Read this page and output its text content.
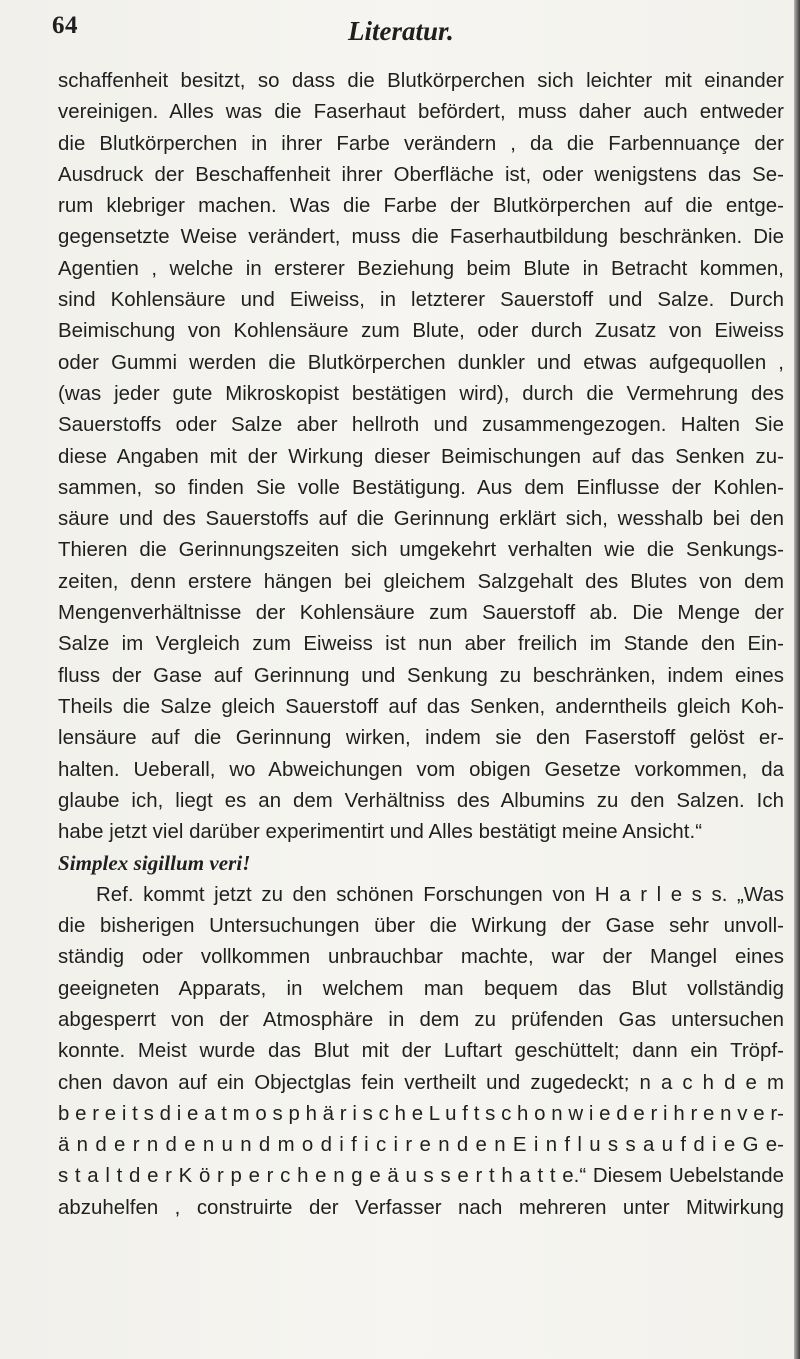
64	Literatur.
schaffenheit besitzt, so dass die Blutkörperchen sich leichter mit einander
vereinigen. Alles was die Faserhaut befördert, muss daher auch entweder
die Blutkörperchen in ihrer Farbe verändern , da die Farbennuançe der
Ausdruck der Beschaffenheit ihrer Oberfläche ist, oder wenigstens das Se-
rum klebriger machen. Was die Farbe der Blutkörperchen auf die entge-
gegensetzte Weise verändert, muss die Faserhautbildung beschränken. Die
Agentien , welche in ersterer Beziehung beim Blute in Betracht kommen,
sind Kohlensäure und Eiweiss, in letzterer Sauerstoff und Salze. Durch
Beimischung von Kohlensäure zum Blute, oder durch Zusatz von Eiweiss
oder Gummi werden die Blutkörperchen dunkler und etwas aufgequollen ,
(was jeder gute Mikroskopist bestätigen wird), durch die Vermehrung des
Sauerstoffs oder Salze aber hellroth und zusammengezogen. Halten Sie
diese Angaben mit der Wirkung dieser Beimischungen auf das Senken zu-
sammen, so finden Sie volle Bestätigung. Aus dem Einflusse der Kohlen-
säure und des Sauerstoffs auf die Gerinnung erklärt sich, wesshalb bei den
Thieren die Gerinnungszeiten sich umgekehrt verhalten wie die Senkungs-
zeiten, denn erstere hängen bei gleichem Salzgehalt des Blutes von dem
Mengenverhältnisse der Kohlensäure zum Sauerstoff ab. Die Menge der
Salze im Vergleich zum Eiweiss ist nun aber freilich im Stande den Ein-
fluss der Gase auf Gerinnung und Senkung zu beschränken, indem eines
Theils die Salze gleich Sauerstoff auf das Senken, anderntheils gleich Koh-
lensäure auf die Gerinnung wirken, indem sie den Faserstoff gelöst er-
halten. Ueberall, wo Abweichungen vom obigen Gesetze vorkommen, da
glaube ich, liegt es an dem Verhältniss des Albumins zu den Salzen. Ich
habe jetzt viel darüber experimentirt und Alles bestätigt meine Ansicht.“
Simplex sigillum veri!
Ref. kommt jetzt zu den schönen Forschungen von H a r l e s s. „Was
die bisherigen Untersuchungen über die Wirkung der Gase sehr unvoll-
ständig oder vollkommen unbrauchbar machte, war der Mangel eines
geeigneten Apparats, in welchem man bequem das Blut vollständig
abgesperrt von der Atmosphäre in dem zu prüfenden Gas untersuchen
konnte. Meist wurde das Blut mit der Luftart geschüttelt; dann ein Tröpf-
chen davon auf ein Objectglas fein vertheilt und zugedeckt; n a c h d e m
b e r e i t s d i e a t m o s p h ä r i s c h e L u f t s c h o n w i e d e r i h r e n v e r-
ä n d e r n d e n u n d m o d i f i c i r e n d e n E i n f l u s s a u f d i e G e-
s t a l t d e r K ö r p e r c h e n g e ä u s s e r t h a t t e.“ Diesem Uebelstande
abzuhelfen , construirte der Verfasser nach mehreren unter Mitwirkung
